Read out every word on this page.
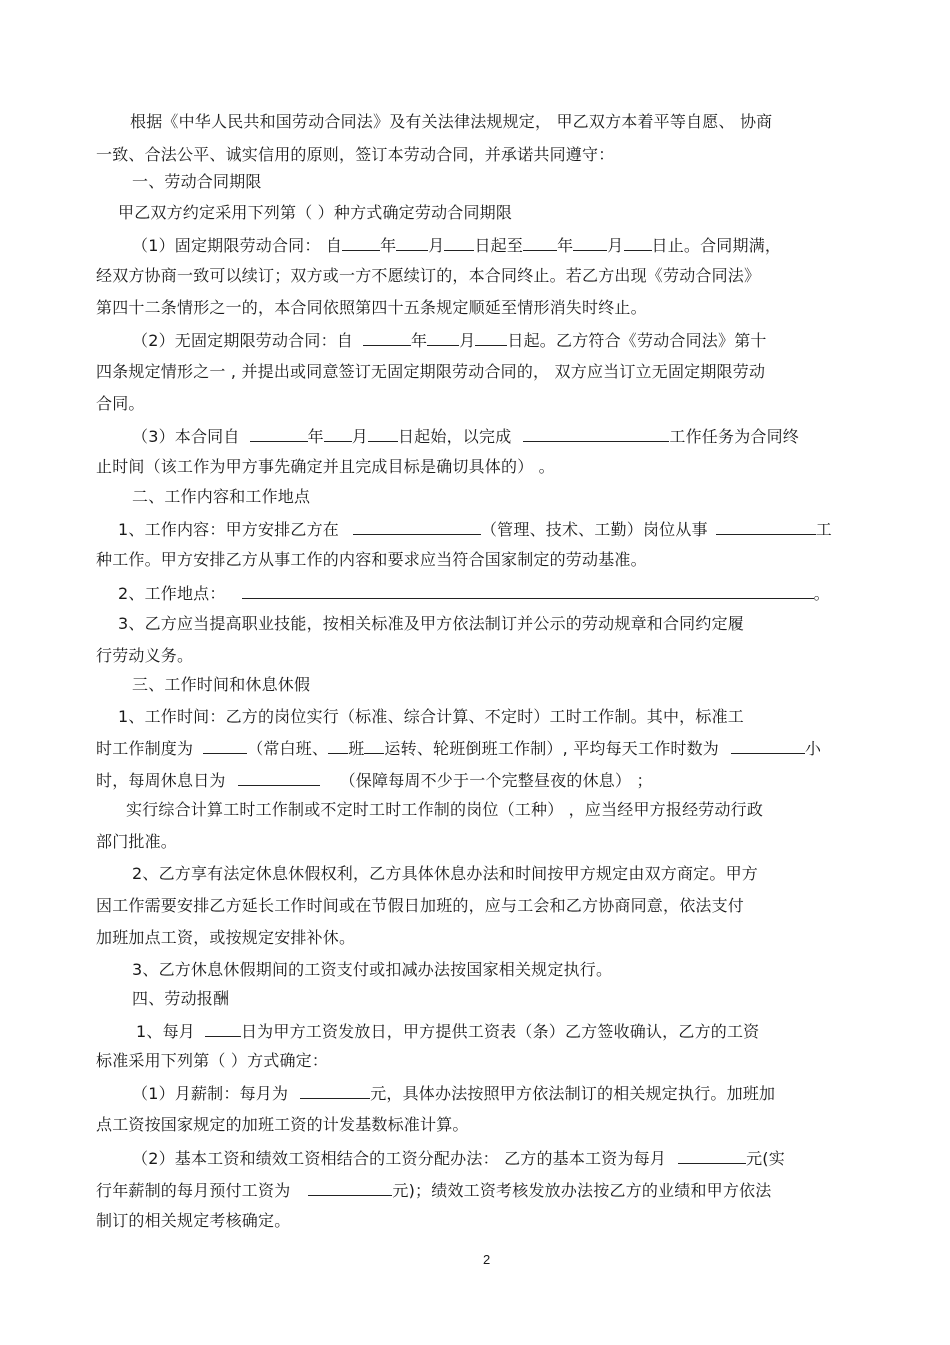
根据《中华人民共和国劳动合同法》及有关法律法规规定， 甲乙双方本着平等自愿、 协商
一致、合法公平、诚实信用的原则，签订本劳动合同，并承诺共同遵守：
一、劳动合同期限
甲乙双方约定采用下列第（ ）种方式确定劳动合同期限
（1）固定期限劳动合同： 自 年 月 日起至 年 月 日止。合同期满，
经双方协商一致可以续订；双方或一方不愿续订的，本合同终止。若乙方出现《劳动合同法》
第四十二条情形之一的，本合同依照第四十五条规定顺延至情形消失时终止。
（2）无固定期限劳动合同：自	年 月 日起。乙方符合《劳动合同法》第十
四条规定情形之一 , 并提出或同意签订无固定期限劳动合同的， 双方应当订立无固定期限劳动
合同。
（3）本合同自	年 月 日起始，以完成	工作任务为合同终
止时间（该工作为甲方事先确定并且完成目标是确切具体的） 。
二、工作内容和工作地点
1、工作内容：甲方安排乙方在	（管理、技术、工勤）岗位从事	工
种工作。甲方安排乙方从事工作的内容和要求应当符合国家制定的劳动基准。
2、工作地点：	。
3、乙方应当提高职业技能，按相关标准及甲方依法制订并公示的劳动规章和合同约定履
行劳动义务。
三、工作时间和休息休假
1、工作时间：乙方的岗位实行（标准、综合计算、不定时）工时工作制。其中，标准工
时工作制度为	（常白班、 班 运转、轮班倒班工作制）, 平均每天工作时数为	小
时，每周休息日为	（保障每周不少于一个完整昼夜的休息） ；
实行综合计算工时工作制或不定时工时工作制的岗位（工种） ，应当经甲方报经劳动行政
部门批准。
2、乙方享有法定休息休假权利，乙方具体休息办法和时间按甲方规定由双方商定。甲方
因工作需要安排乙方延长工作时间或在节假日加班的，应与工会和乙方协商同意，依法支付
加班加点工资，或按规定安排补休。
3、乙方休息休假期间的工资支付或扣减办法按国家相关规定执行。
四、劳动报酬
1、每月	日为甲方工资发放日，甲方提供工资表（条）乙方签收确认，乙方的工资
标准采用下列第（ ）方式确定：
（1）月薪制：每月为	元，具体办法按照甲方依法制订的相关规定执行。加班加
点工资按国家规定的加班工资的计发基数标准计算。
（2）基本工资和绩效工资相结合的工资分配办法： 乙方的基本工资为每月	元(实
行年薪制的每月预付工资为	元)；绩效工资考核发放办法按乙方的业绩和甲方依法
制订的相关规定考核确定。
2
